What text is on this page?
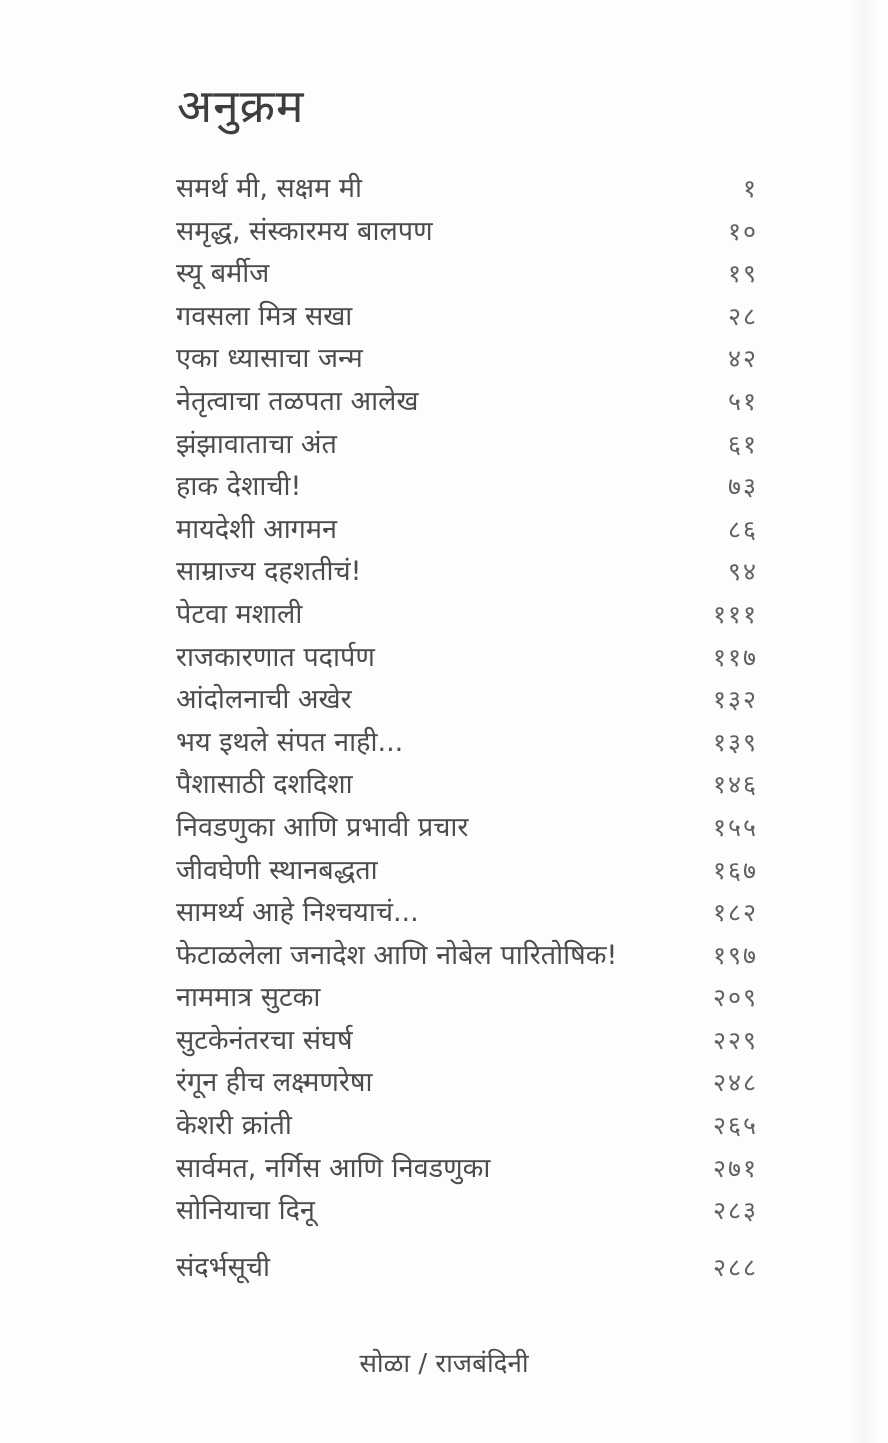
अनुक्रम
समर्थ मी, सक्षम मी	१
समृद्ध, संस्कारमय बालपण	१०
स्यू बर्मीज	१९
गवसला मित्र सखा	२८
एका ध्यासाचा जन्म	४२
नेतृत्वाचा तळपता आलेख	५१
झंझावाताचा अंत	६१
हाक देशाची!	७३
मायदेशी आगमन	८६
साम्राज्य दहशतीचं!	९४
पेटवा मशाली	१११
राजकारणात पदार्पण	११७
आंदोलनाची अखेर	१३२
भय इथले संपत नाही...	१३९
पैशासाठी दशदिशा	१४६
निवडणुका आणि प्रभावी प्रचार	१५५
जीवघेणी स्थानबद्धता	१६७
सामर्थ्य आहे निश्चयाचं...	१८२
फेटाळलेला जनादेश आणि नोबेल पारितोषिक!	१९७
नाममात्र सुटका	२०९
सुटकेनंतरचा संघर्ष	२२९
रंगून हीच लक्ष्मणरेषा	२४८
केशरी क्रांती	२६५
सार्वमत, नर्गिस आणि निवडणुका	२७१
सोनियाचा दिनू	२८३
संदर्भसूची	२८८
सोळा / राजबंदिनी
